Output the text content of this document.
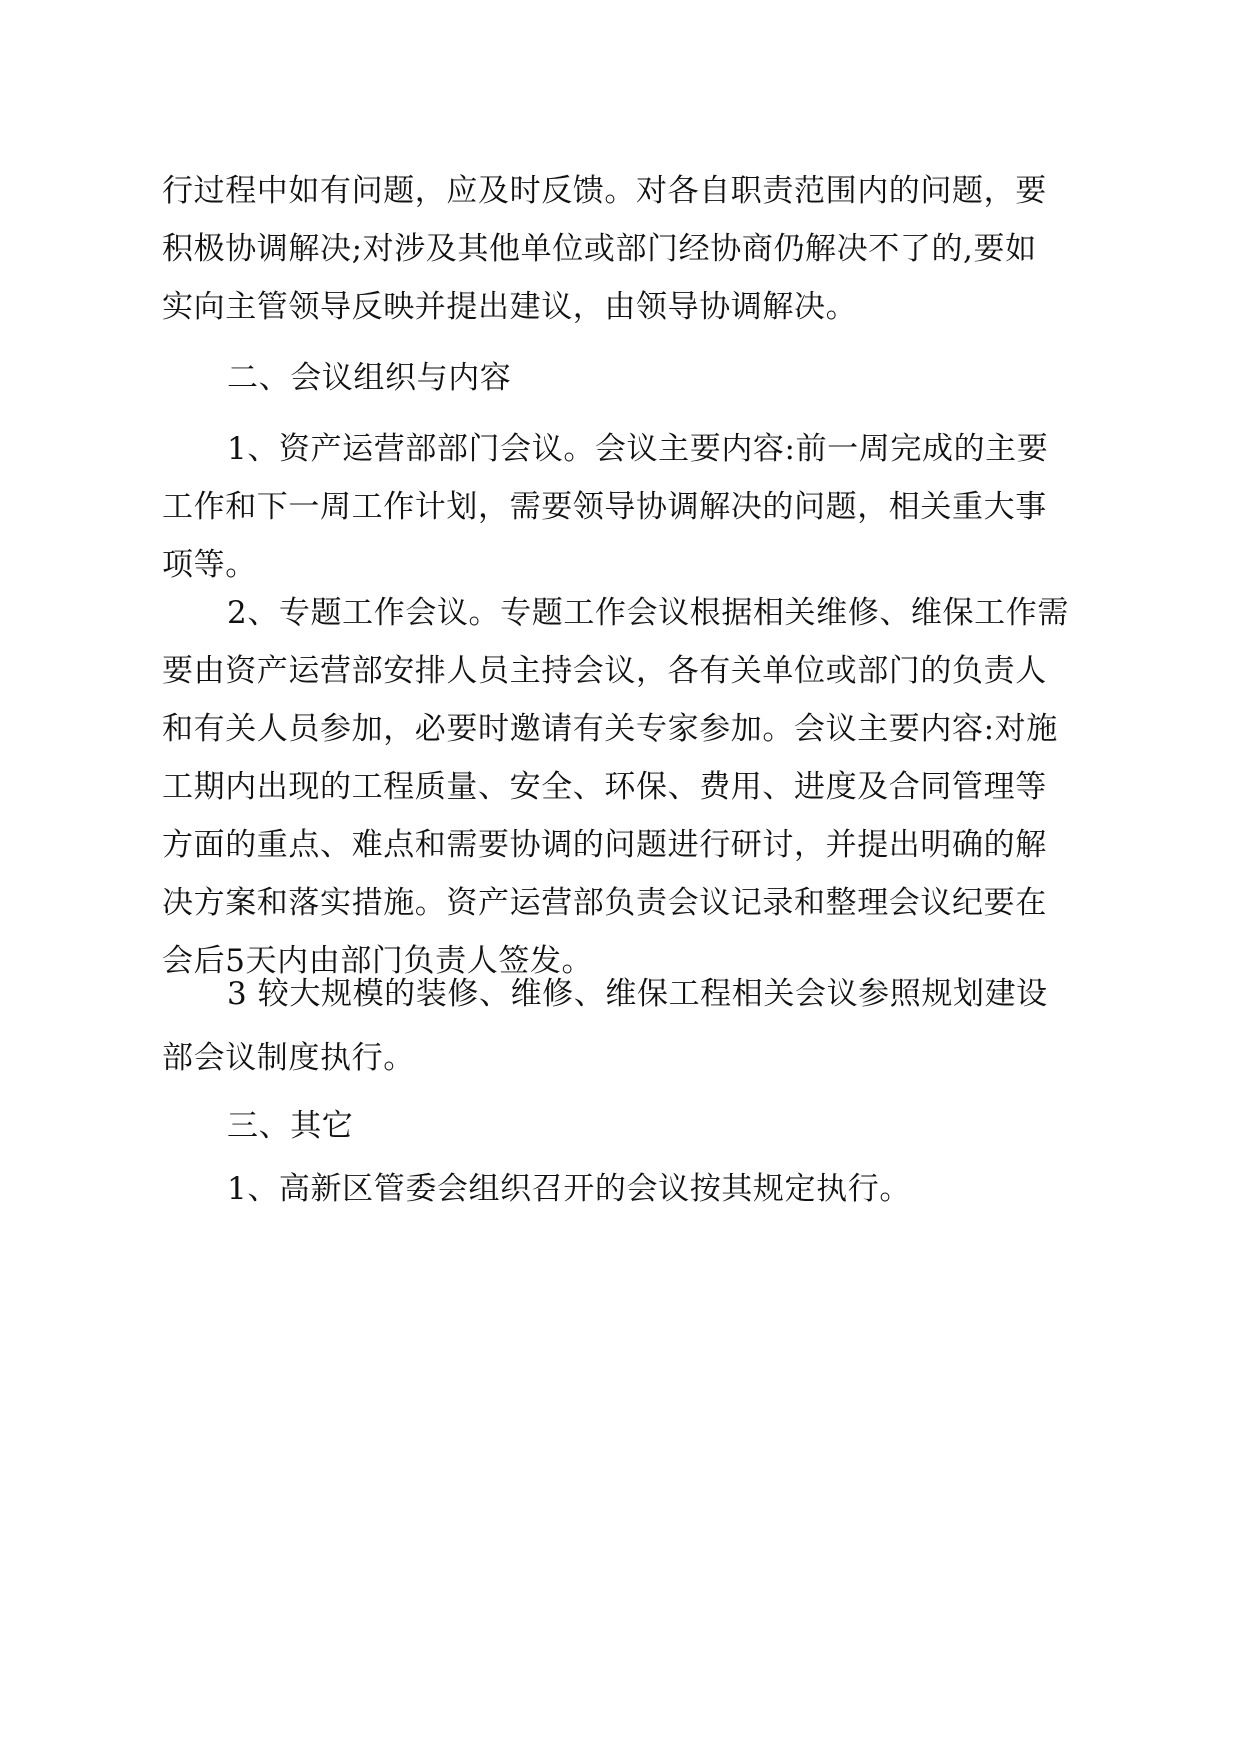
行过程中如有问题，应及时反馈。对各自职责范围内的问题，要
积极协调解决;对涉及其他单位或部门经协商仍解决不了的,要如
实向主管领导反映并提出建议，由领导协调解决。
二、会议组织与内容
1、资产运营部部门会议。会议主要内容:前一周完成的主要
工作和下一周工作计划，需要领导协调解决的问题，相关重大事
项等。
2、专题工作会议。专题工作会议根据相关维修、维保工作需
要由资产运营部安排人员主持会议，各有关单位或部门的负责人
和有关人员参加，必要时邀请有关专家参加。会议主要内容:对施
工期内出现的工程质量、安全、环保、费用、进度及合同管理等
方面的重点、难点和需要协调的问题进行研讨，并提出明确的解
决方案和落实措施。资产运营部负责会议记录和整理会议纪要在
会后5天内由部门负责人签发。
3 较大规模的装修、维修、维保工程相关会议参照规划建设
部会议制度执行。
三、其它
1、高新区管委会组织召开的会议按其规定执行。
